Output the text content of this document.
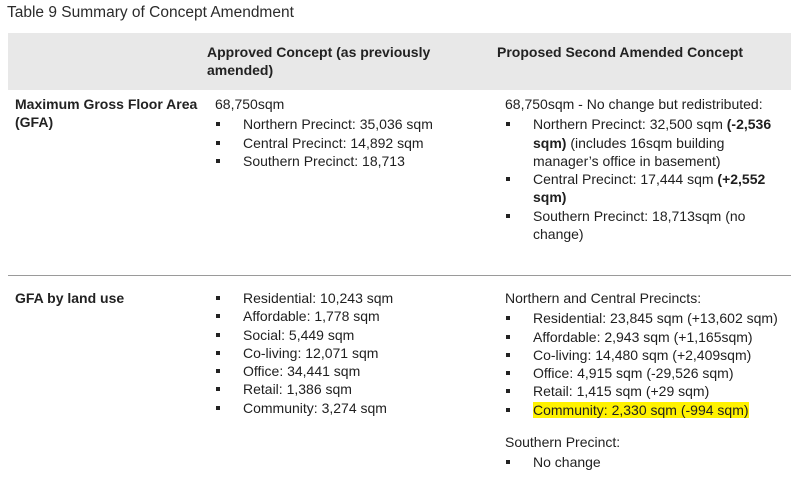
Table 9 Summary of Concept Amendment
Approved Concept (as previously amended)
Proposed Second Amended Concept
Maximum Gross Floor Area (GFA)
68,750sqm
Northern Precinct: 35,036 sqm
Central Precinct: 14,892 sqm
Southern Precinct: 18,713
68,750sqm - No change but redistributed:
Northern Precinct: 32,500 sqm (-2,536 sqm) (includes 16sqm building manager’s office in basement)
Central Precinct: 17,444 sqm (+2,552 sqm)
Southern Precinct: 18,713sqm (no change)
GFA by land use	Residential: 10,243 sqm
Affordable: 1,778 sqm
Social: 5,449 sqm
Co-living: 12,071 sqm
Office: 34,441 sqm
Retail: 1,386 sqm
Community: 3,274 sqm
Northern and Central Precincts:
Residential: 23,845 sqm (+13,602 sqm)
Affordable: 2,943 sqm (+1,165sqm)
Co-living: 14,480 sqm (+2,409sqm)
Office: 4,915 sqm (-29,526 sqm)
Retail: 1,415 sqm (+29 sqm)
Community: 2,330 sqm (-994 sqm)
Southern Precinct:
No change
